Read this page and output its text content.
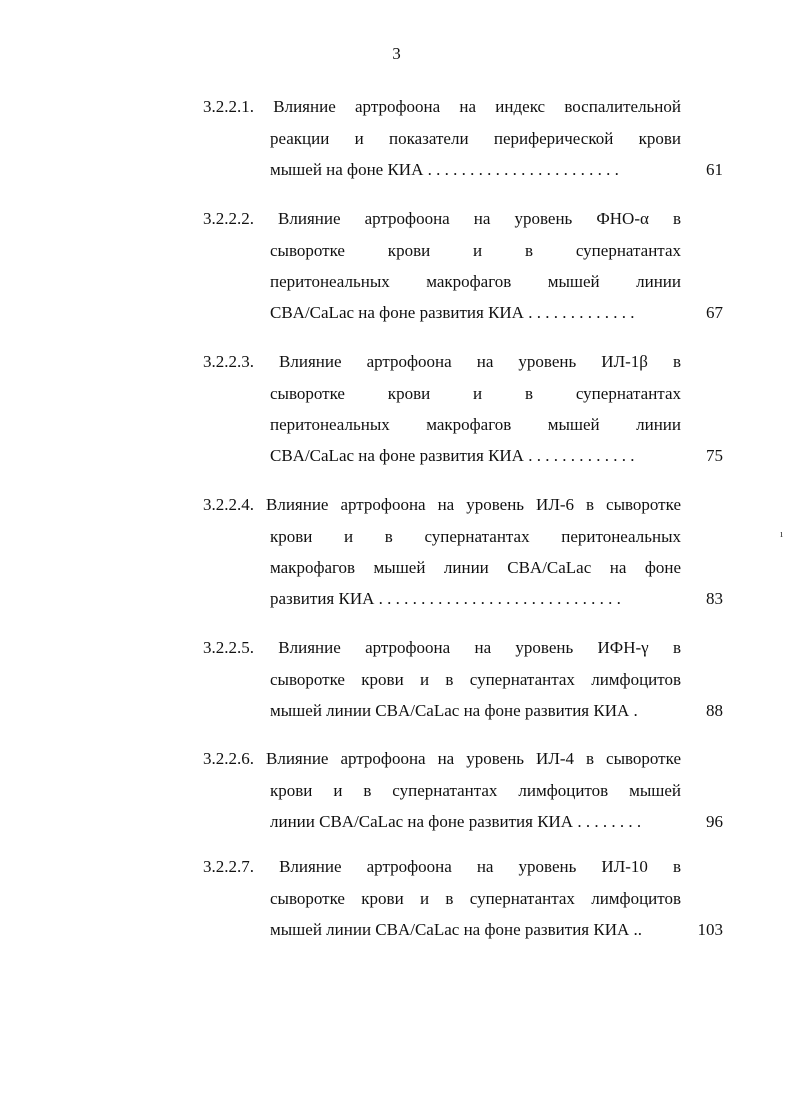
3
ı
3.2.2.1. Влияние артрофоона на индекс воспалительной
реакции и показатели периферической крови
мышей на фоне КИА . . . . . . . . . . . . . . . . . . . . . . .	61
3.2.2.2. Влияние артрофоона на уровень ФНО-α в
сыворотке крови и в супернатантах
перитонеальных макрофагов мышей линии
CBA/CaLac на фоне развития КИА . . . . . . . . . . . . .	67
3.2.2.3. Влияние артрофоона на уровень ИЛ-1β в
сыворотке крови и в супернатантах
перитонеальных макрофагов мышей линии
CBA/CaLac на фоне развития КИА . . . . . . . . . . . . .	75
3.2.2.4. Влияние артрофоона на уровень ИЛ-6 в сыворотке
крови и в супернатантах перитонеальных
макрофагов мышей линии CBA/CaLac на фоне
развития КИА . . . . . . . . . . . . . . . . . . . . . . . . . . . . .	83
3.2.2.5. Влияние артрофоона на уровень ИФН-γ в
сыворотке крови и в супернатантах лимфоцитов
мышей линии CBA/CaLac на фоне развития КИА .	88
3.2.2.6. Влияние артрофоона на уровень ИЛ-4 в сыворотке
крови и в супернатантах лимфоцитов мышей
линии CBA/CaLac на фоне развития КИА . . . . . . . .	96
3.2.2.7. Влияние артрофоона на уровень ИЛ-10 в
сыворотке крови и в супернатантах лимфоцитов
мышей линии CBA/CaLac на фоне развития КИА ..	103
